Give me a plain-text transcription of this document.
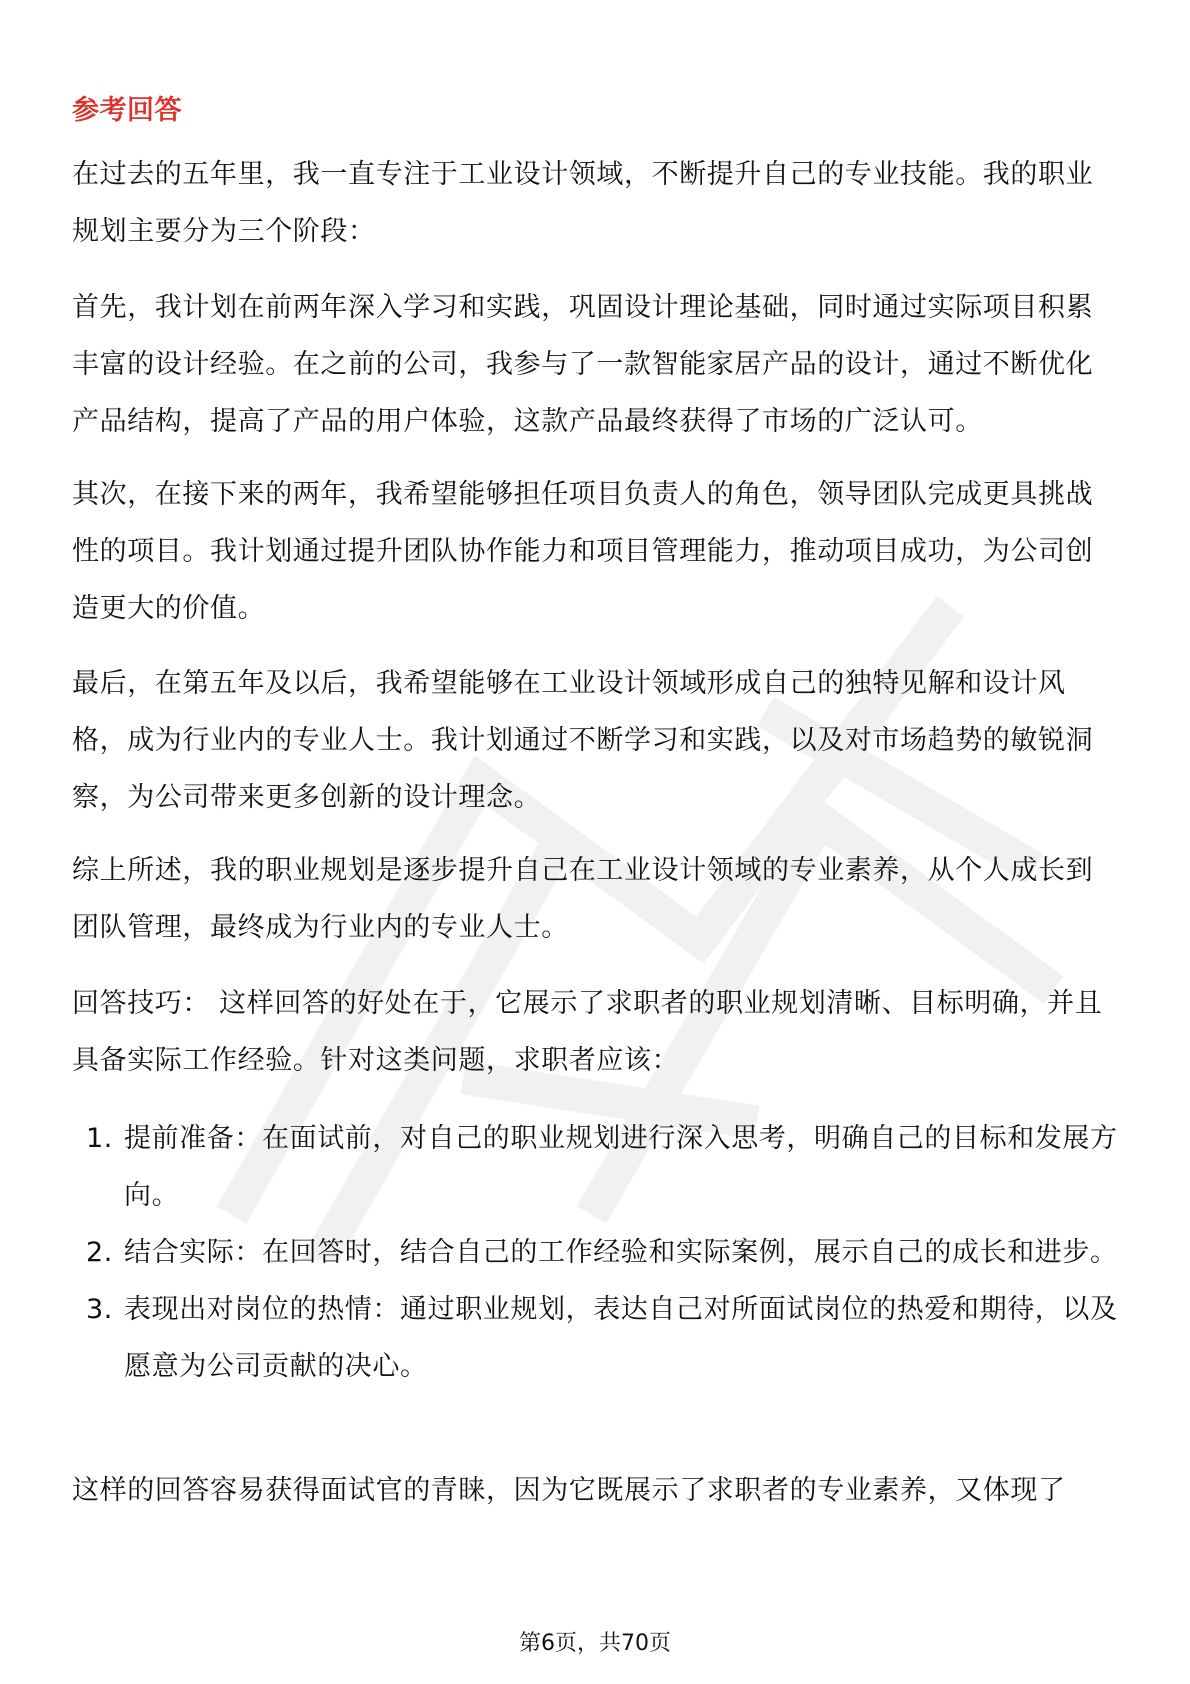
参考回答

在过去的五年里，我一直专注于工业设计领域，不断提升自己的专业技能。我的职业规划主要分为三个阶段：

首先，我计划在前两年深入学习和实践，巩固设计理论基础，同时通过实际项目积累丰富的设计经验。在之前的公司，我参与了一款智能家居产品的设计，通过不断优化产品结构，提高了产品的用户体验，这款产品最终获得了市场的广泛认可。

其次，在接下来的两年，我希望能够担任项目负责人的角色，领导团队完成更具挑战性的项目。我计划通过提升团队协作能力和项目管理能力，推动项目成功，为公司创造更大的价值。

最后，在第五年及以后，我希望能够在工业设计领域形成自己的独特见解和设计风格，成为行业内的专业人士。我计划通过不断学习和实践，以及对市场趋势的敏锐洞察，为公司带来更多创新的设计理念。

综上所述，我的职业规划是逐步提升自己在工业设计领域的专业素养，从个人成长到团队管理，最终成为行业内的专业人士。

回答技巧： 这样回答的好处在于，它展示了求职者的职业规划清晰、目标明确，并且具备实际工作经验。针对这类问题，求职者应该：

1. 提前准备：在面试前，对自己的职业规划进行深入思考，明确自己的目标和发展方向。
2. 结合实际：在回答时，结合自己的工作经验和实际案例，展示自己的成长和进步。
3. 表现出对岗位的热情：通过职业规划，表达自己对所面试岗位的热爱和期待，以及愿意为公司贡献的决心。

这样的回答容易获得面试官的青睐，因为它既展示了求职者的专业素养，又体现了

第6页，共70页
